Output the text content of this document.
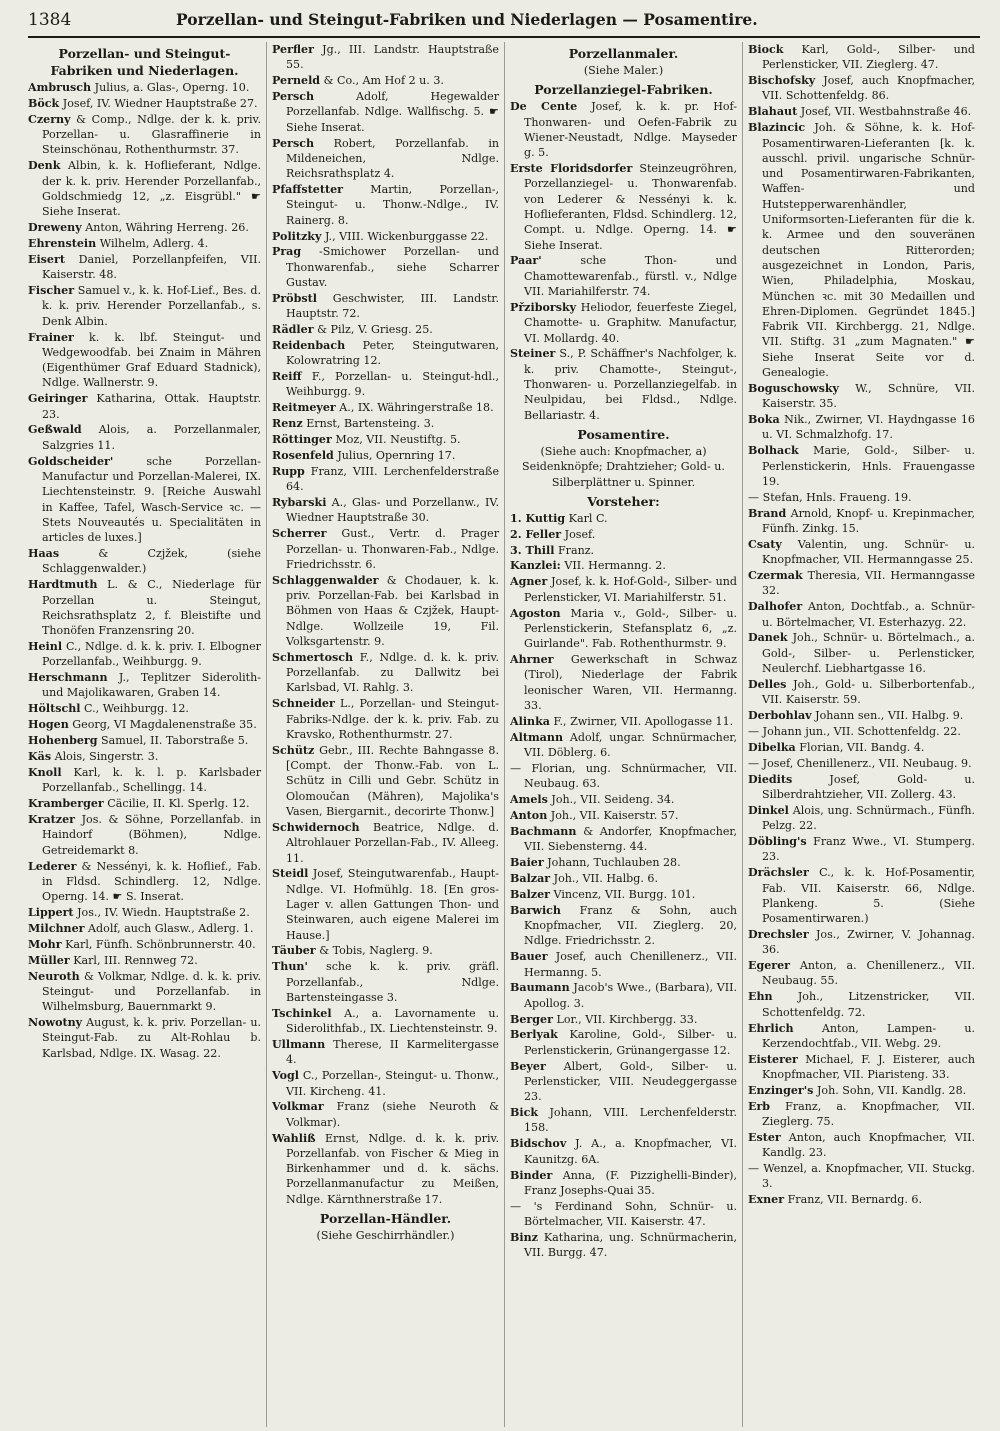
1384	Porzellan- und Steingut-Fabriken und Niederlagen — Posamentire.
Porzellan- und Steingut-Fabriken und Niederlagen.

Ambrusch Julius, a. Glas-, Operng. 10.

Böck Josef, IV. Wiedner Hauptstraße 27.

Czerny & Comp., Ndlge. der k. k. priv. Porzellan- u. Glasraffinerie in Steinschönau, Rothenthurmstr. 37.

Denk Albin, k. k. Hoflieferant, Ndlge. der k. k. priv. Herender Porzellanfab., Goldschmiedg 12, „z. Eisgrübl." ☛ Siehe Inserat.

Dreweny Anton, Währing Herreng. 26.

Ehrenstein Wilhelm, Adlerg. 4.

Eisert Daniel, Porzellanpfeifen, VII. Kaiserstr. 48.

Fischer Samuel v., k. k. Hof-Lief., Bes. d. k. k. priv. Herender Porzellanfab., s. Denk Albin.

Frainer k. k. lbf. Steingut- und Wedgewoodfab. bei Znaim in Mähren (Eigenthümer Graf Eduard Stadnick), Ndlge. Wallnerstr. 9.

Geiringer Katharina, Ottak. Hauptstr. 23.

Geßwald Alois, a. Porzellanmaler, Salzgries 11.

Goldscheider'	sche Porzellan-Manufactur und Porzellan-Malerei, IX. Liechtensteinstr. 9. [Reiche Auswahl in Kaffee, Tafel, Wasch-Service ꝛc. — Stets Nouveautés u. Specialitäten in articles de luxes.]

Haas	& Czjžek, (siehe Schlaggenwalder.)

Hardtmuth L. & C., Niederlage für Porzellan u. Steingut, Reichsrathsplatz 2, f. Bleistifte und Thonöfen Franzensring 20.

Heinl C., Ndlge. d. k. k. priv. I. Elbogner Porzellanfab., Weihburgg. 9.

Herschmann J., Teplitzer Siderolith- und Majolikawaren, Graben 14.

Höltschl C., Weihburgg. 12.

Hogen Georg, VI Magdalenenstraße 35.

Hohenberg Samuel, II. Taborstraße 5.

Käs Alois, Singerstr. 3.

Knoll Karl, k. k. l. p. Karlsbader Porzellanfab., Schellingg. 14.

Kramberger Cäcilie, II. Kl. Sperlg. 12.

Kratzer Jos. & Söhne, Porzellanfab. in Haindorf (Böhmen), Ndlge. Getreidemarkt 8.

Lederer & Nessényi, k. k. Hoflief., Fab. in Fldsd. Schindlerg. 12, Ndlge. Operng. 14. ☛ S. Inserat.

Lippert Jos., IV. Wiedn. Hauptstraße 2.

Milchner Adolf, auch Glasw., Adlerg. 1.

Mohr Karl, Fünfh. Schönbrunnerstr. 40.

Müller Karl, III. Rennweg 72.

Neuroth & Volkmar, Ndlge. d. k. k. priv. Steingut- und Porzellanfab. in Wilhelmsburg, Bauernmarkt 9.

Nowotny August, k. k. priv. Porzellan- u. Steingut-Fab. zu Alt-Rohlau b. Karlsbad, Ndlge. IX. Wasag. 22.

Perfler Jg., III. Landstr. Hauptstraße 55.

Perneld & Co., Am Hof 2 u. 3.

Persch	Adolf, Hegewalder Porzellanfab. Ndlge. Wallfischg. 5. ☛ Siehe Inserat.

Persch Robert, Porzellanfab. in Mildeneichen, Ndlge. Reichsrathsplatz 4.

Pfaffstetter Martin, Porzellan-, Steingut- u. Thonw.-Ndlge., IV. Rainerg. 8.

Politzky J., VIII. Wickenburggasse 22.

Prag -Smichower Porzellan- und Thonwarenfab., siehe Scharrer Gustav.

Pröbstl Geschwister, III. Landstr. Hauptstr. 72.

Rädler & Pilz, V. Griesg. 25.

Reidenbach Peter, Steingutwaren, Kolowratring 12.

Reiff F., Porzellan- u. Steingut-hdl., Weihburgg. 9.

Reitmeyer A., IX. Währingerstraße 18.

Renz Ernst, Bartensteing. 3.

Röttinger Moz, VII. Neustiftg. 5.

Rosenfeld Julius, Opernring 17.

Rupp Franz, VIII. Lerchenfelderstraße 64.

Rybarski A., Glas- und Porzellanw., IV. Wiedner Hauptstraße 30.

Scherrer Gust., Vertr. d. Prager Porzellan- u. Thonwaren-Fab., Ndlge. Friedrichsstr. 6.

Schlaggenwalder & Chodauer, k. k. priv. Porzellan-Fab. bei Karlsbad in Böhmen von Haas & Czjžek, Haupt-Ndlge. Wollzeile 19, Fil. Volksgartenstr. 9.

Schmertosch F., Ndlge. d. k. k. priv. Porzellanfab. zu Dallwitz bei Karlsbad, VI. Rahlg. 3.

Schneider L., Porzellan- und Steingut-Fabriks-Ndlge. der k. k. priv. Fab. zu Kravsko, Rothenthurmstr. 27.

Schütz Gebr., III. Rechte Bahngasse 8. [Compt. der Thonw.-Fab. von L. Schütz in Cilli und Gebr. Schütz in Olomoučan (Mähren), Majolika's Vasen, Biergarnit., decorirte Thonw.]

Schwidernoch Beatrice, Ndlge. d. Altrohlauer Porzellan-Fab., IV. Alleeg. 11.

Steidl Josef, Steingutwarenfab., Haupt-Ndlge. VI. Hofmühlg. 18. [En gros-Lager v. allen Gattungen Thon- und Steinwaren, auch eigene Malerei im Hause.]

Täuber & Tobis, Naglerg. 9.

Thun' sche k. k. priv. gräfl. Porzellanfab., Ndlge. Bartensteingasse 3.

Tschinkel A., a. Lavornamente u. Siderolithfab., IX. Liechtensteinstr. 9.

Ullmann Therese, II Karmelitergasse 4.

Vogl C., Porzellan-, Steingut- u. Thonw., VII. Kircheng. 41.

Volkmar Franz (siehe Neuroth & Volkmar).

Wahliß Ernst, Ndlge. d. k. k. priv. Porzellanfab. von Fischer & Mieg in Birkenhammer und d. k. sächs. Porzellanmanufactur zu Meißen, Ndlge. Kärnthnerstraße 17.

Porzellan-Händler.
(Siehe Geschirrhändler.)
Porzellanmaler.
(Siehe Maler.)
Porzellanziegel-Fabriken.

De Cente Josef, k. k. pr. Hof-Thonwaren- und Oefen-Fabrik zu Wiener-Neustadt, Ndlge. Mayseder g. 5.

Erste Floridsdorfer Steinzeugröhren, Porzellanziegel- u. Thonwarenfab. von Lederer & Nessényi k. k. Hoflieferanten, Fldsd. Schindlerg. 12, Compt. u. Ndlge. Operng. 14. ☛ Siehe Inserat.

Paar'	sche Thon- und Chamottewarenfab., fürstl. v., Ndlge VII. Mariahilferstr. 74.

Přziborsky Heliodor, feuerfeste Ziegel, Chamotte- u. Graphitw. Manufactur, VI. Mollardg. 40.

Steiner S., P. Schäffner's Nachfolger, k. k. priv. Chamotte-, Steingut-, Thonwaren- u. Porzellanziegelfab. in Neulpidau, bei Fldsd., Ndlge. Bellariastr. 4.

Posamentire.
(Siehe auch: Knopfmacher, a) Seidenknöpfe; Drahtzieher; Gold- u. Silberplättner u. Spinner.
Vorsteher:

1. Kuttig Karl C.

2. Feller Josef.

3. Thill Franz.

Kanzlei: VII. Hermanng. 2.

Agner Josef, k. k. Hof-Gold-, Silber- und Perlensticker, VI. Mariahilferstr. 51.

Agoston Maria v., Gold-, Silber- u. Perlenstickerin, Stefansplatz 6, „z. Guirlande". Fab. Rothenthurmstr. 9.

Ahrner Gewerkschaft in Schwaz (Tirol), Niederlage der Fabrik leonischer Waren, VII. Hermanng. 33.

Alinka F., Zwirner, VII. Apollogasse 11.

Altmann Adolf, ungar. Schnürmacher, VII. Döblerg. 6.

— Florian, ung. Schnürmacher, VII. Neubaug. 63.

Amels Joh., VII. Seideng. 34.

Anton Joh., VII. Kaiserstr. 57.

Bachmann & Andorfer, Knopfmacher, VII. Siebensterng. 44.

Baier Johann, Tuchlauben 28.

Balzar Joh., VII. Halbg. 6.

Balzer Vincenz, VII. Burgg. 101.

Barwich Franz & Sohn, auch Knopfmacher, VII. Zieglerg. 20, Ndlge. Friedrichsstr. 2.

Bauer Josef, auch Chenillenerz., VII. Hermanng. 5.

Baumann Jacob's Wwe., (Barbara), VII. Apollog. 3.

Berger Lor., VII. Kirchbergg. 33.

Berlyak Karoline, Gold-, Silber- u. Perlenstickerin, Grünangergasse 12.

Beyer Albert, Gold-, Silber- u. Perlensticker, VIII. Neudeggergasse 23.

Bick Johann, VIII. Lerchenfelderstr. 158.

Bidschov J. A., a. Knopfmacher, VI. Kaunitzg. 6A.

Binder Anna, (F. Pizzighelli-Binder), Franz Josephs-Quai 35.

— 's Ferdinand Sohn, Schnür- u. Börtelmacher, VII. Kaiserstr. 47.

Binz Katharina, ung. Schnürmacherin, VII. Burgg. 47.

Biock Karl, Gold-, Silber- und Perlensticker, VII. Zieglerg. 47.

Bischofsky Josef, auch Knopfmacher, VII. Schottenfeldg. 86.

Blahaut Josef, VII. Westbahnstraße 46.

Blazincic Joh. & Söhne, k. k. Hof-Posamentirwaren-Lieferanten [k. k. ausschl. privil. ungarische Schnür- und Posamentirwaren-Fabrikanten, Waffen- und Hutstepperwarenhändler, Uniformsorten-Lieferanten für die k. k. Armee und den souveränen deutschen Ritterorden; ausgezeichnet in London, Paris, Wien, Philadelphia, Moskau, München ꝛc. mit 30 Medaillen und Ehren-Diplomen. Gegründet 1845.] Fabrik VII. Kirchbergg. 21, Ndlge. VII. Stiftg. 31 „zum Magnaten." ☛ Siehe Inserat Seite vor d. Genealogie.

Boguschowsky W., Schnüre, VII. Kaiserstr. 35.

Boka Nik., Zwirner, VI. Haydngasse 16 u. VI. Schmalzhofg. 17.

Bolhack Marie, Gold-, Silber- u. Perlenstickerin, Hnls. Frauengasse 19.

— Stefan, Hnls. Fraueng. 19.

Brand Arnold, Knopf- u. Krepinmacher, Fünfh. Zinkg. 15.

Csaty Valentin, ung. Schnür- u. Knopfmacher, VII. Hermanngasse 25.

Czermak Theresia, VII. Hermanngasse 32.

Dalhofer Anton, Dochtfab., a. Schnür- u. Börtelmacher, VI. Esterhazyg. 22.

Danek Joh., Schnür- u. Börtelmach., a. Gold-, Silber- u. Perlensticker, Neulerchf. Liebhartgasse 16.

Delles Joh., Gold- u. Silberbortenfab., VII. Kaiserstr. 59.

Derbohlav Johann sen., VII. Halbg. 9.

— Johann jun., VII. Schottenfeldg. 22.

Dibelka Florian, VII. Bandg. 4.

— Josef, Chenillenerz., VII. Neubaug. 9.

Diedits	Josef, Gold- u. Silberdrahtzieher, VII. Zollerg. 43.

Dinkel Alois, ung. Schnürmach., Fünfh. Pelzg. 22.

Döbling's Franz Wwe., VI. Stumperg. 23.

Drächsler C., k. k. Hof-Posamentir, Fab. VII. Kaiserstr. 66, Ndlge. Plankeng. 5. (Siehe Posamentirwaren.)

Drechsler Jos., Zwirner, V. Johannag. 36.

Egerer Anton, a. Chenillenerz., VII. Neubaug. 55.

Ehn Joh., Litzenstricker, VII. Schottenfeldg. 72.

Ehrlich	Anton, Lampen- u. Kerzendochtfab., VII. Webg. 29.

Eisterer Michael, F. J. Eisterer, auch Knopfmacher, VII. Piaristeng. 33.

Enzinger's Joh. Sohn, VII. Kandlg. 28.

Erb Franz, a. Knopfmacher, VII. Zieglerg. 75.

Ester Anton, auch Knopfmacher, VII. Kandlg. 23.

— Wenzel, a. Knopfmacher, VII. Stuckg. 3.

Exner Franz, VII. Bernardg. 6.
